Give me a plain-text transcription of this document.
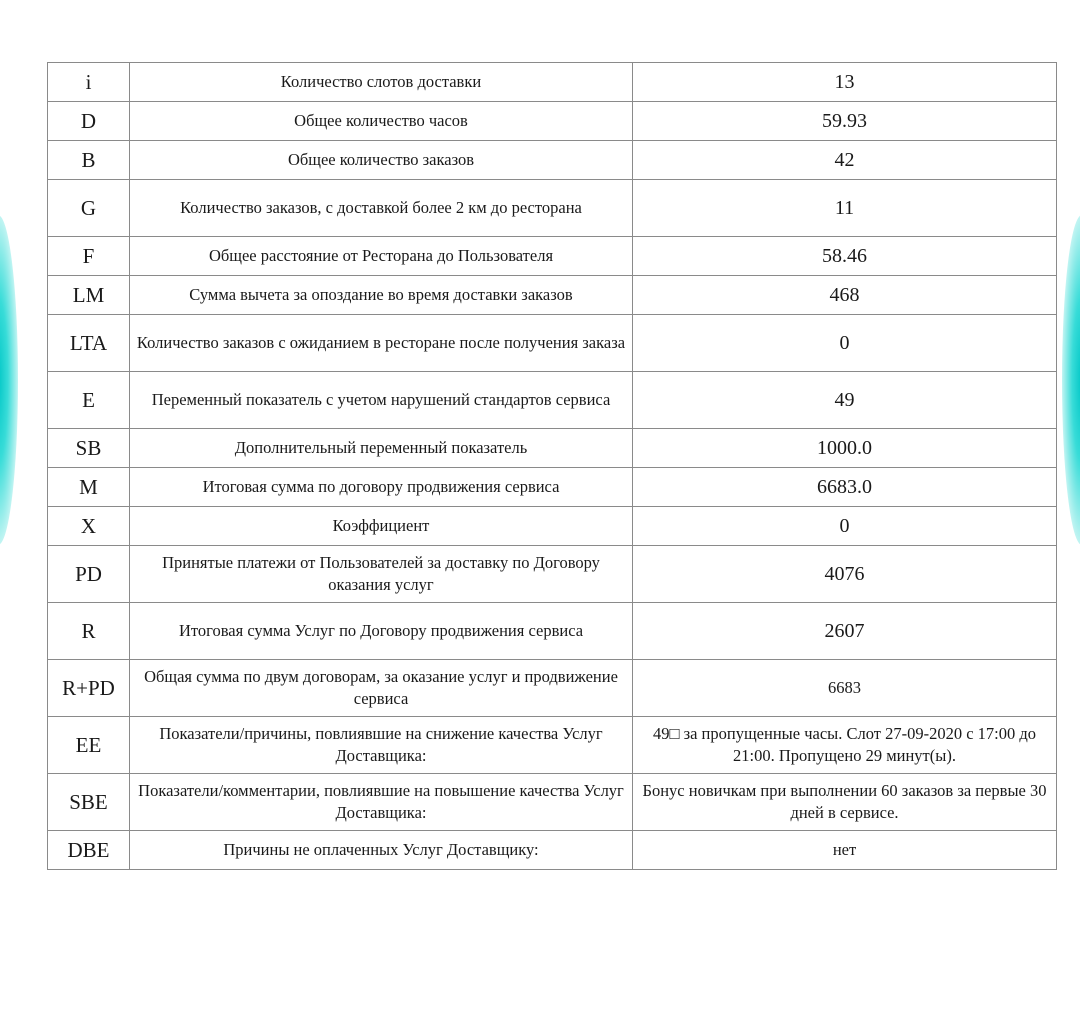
i	Количество слотов доставки	13
D	Общее количество часов	59.93
B	Общее количество заказов	42
G	Количество заказов, с доставкой более 2 км до ресторана	11
F	Общее расстояние от Ресторана до Пользователя	58.46
LM	Сумма вычета за опоздание во время доставки заказов	468
LTA	Количество заказов с ожиданием в ресторане после получения заказа	0
E	Переменный показатель с учетом нарушений стандартов сервиса	49
SB	Дополнительный переменный показатель	1000.0
M	Итоговая сумма по договору продвижения сервиса	6683.0
X	Коэффициент	0
PD	Принятые платежи от Пользователей за доставку по Договору оказания услуг	4076
R	Итоговая сумма Услуг по Договору продвижения сервиса	2607
R+PD	Общая сумма по двум договорам, за оказание услуг и продвижение сервиса	6683
EE	Показатели/причины, повлиявшие на снижение качества Услуг Доставщика:	49□ за пропущенные часы. Слот 27-09-2020 с 17:00 до 21:00. Пропущено 29 минут(ы).
SBE	Показатели/комментарии, повлиявшие на повышение качества Услуг Доставщика:	Бонус новичкам при выполнении 60 заказов за первые 30 дней в сервисе.
DBE	Причины не оплаченных Услуг Доставщику:	нет
